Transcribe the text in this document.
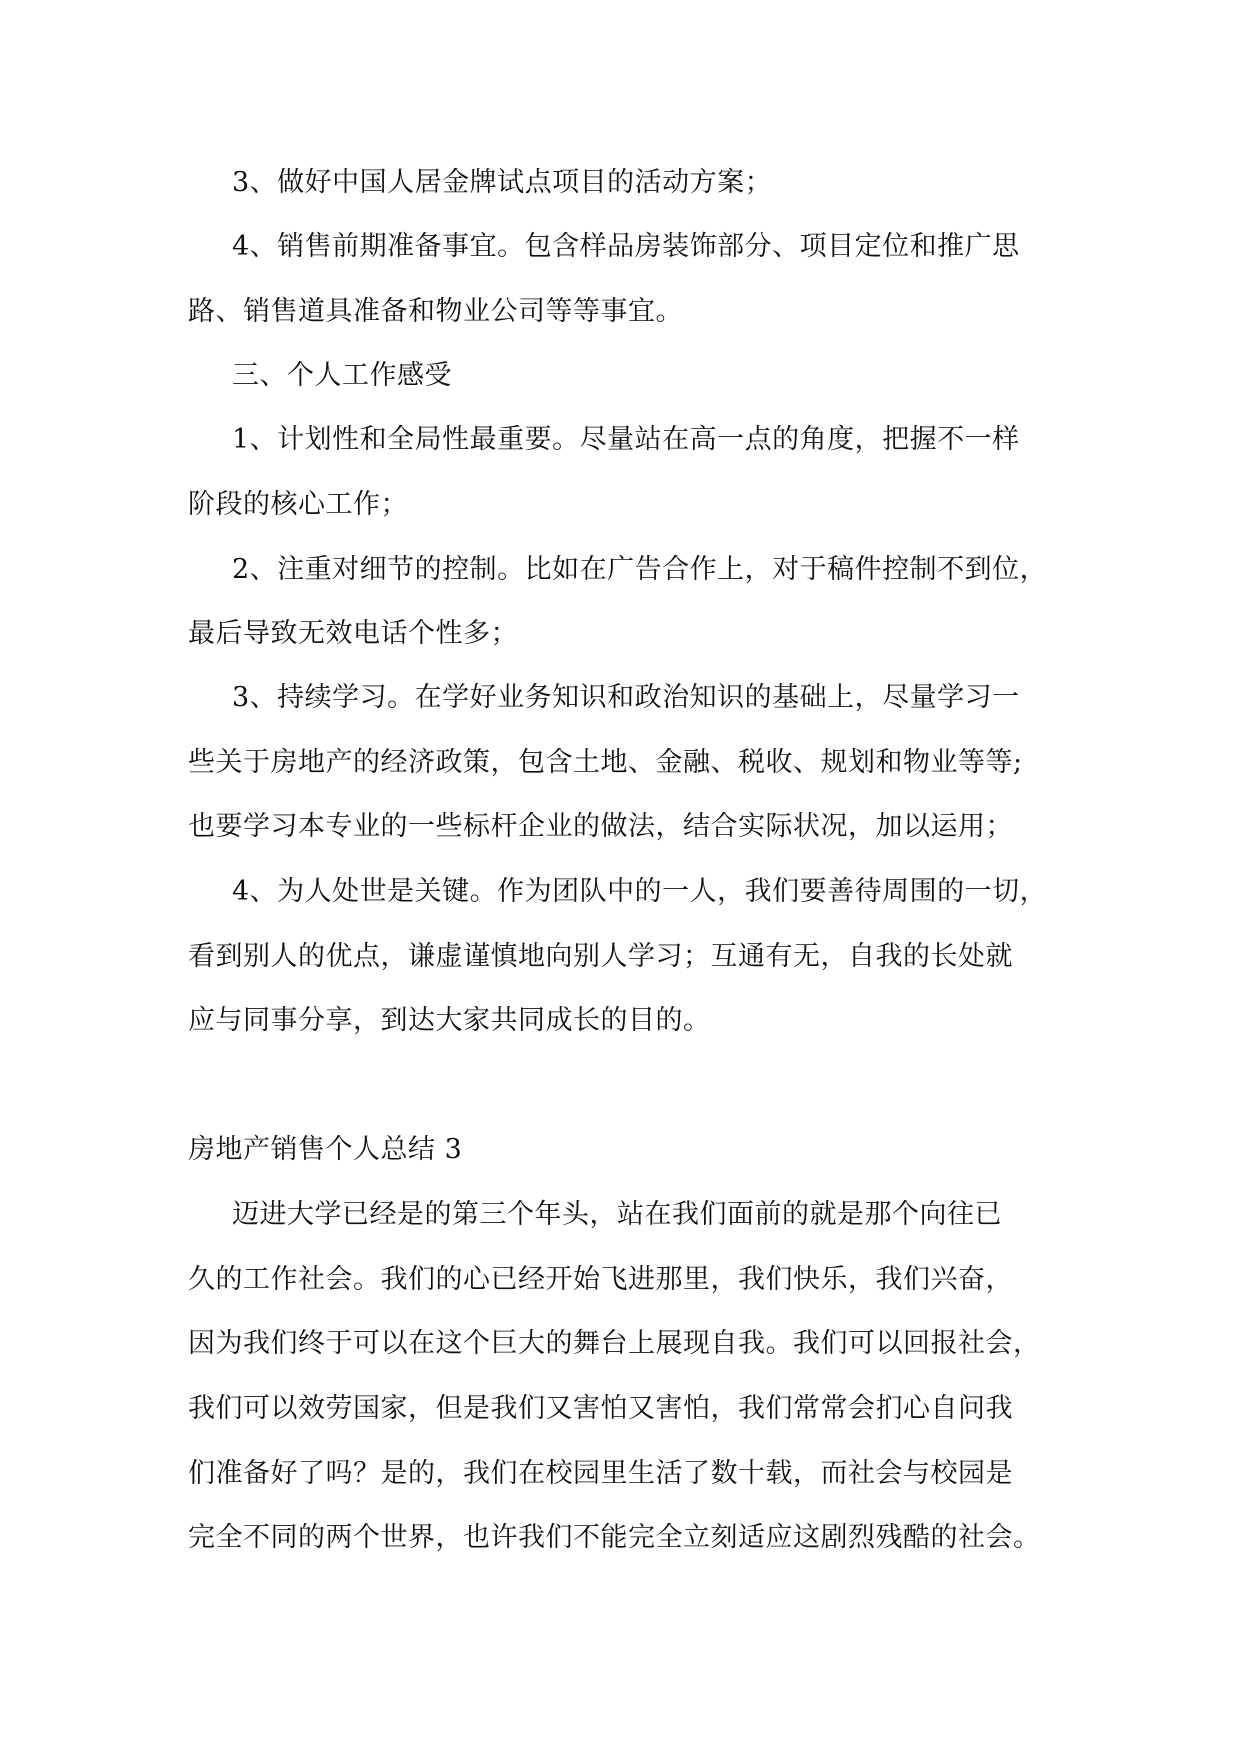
3、做好中国人居金牌试点项目的活动方案；
4、销售前期准备事宜。包含样品房装饰部分、项目定位和推广思
路、销售道具准备和物业公司等等事宜。
三、个人工作感受
1、计划性和全局性最重要。尽量站在高一点的角度，把握不一样
阶段的核心工作；
2、注重对细节的控制。比如在广告合作上，对于稿件控制不到位，
最后导致无效电话个性多；
3、持续学习。在学好业务知识和政治知识的基础上，尽量学习一
些关于房地产的经济政策，包含土地、金融、税收、规划和物业等等;
也要学习本专业的一些标杆企业的做法，结合实际状况，加以运用；
4、为人处世是关键。作为团队中的一人，我们要善待周围的一切，
看到别人的优点，谦虚谨慎地向别人学习；互通有无，自我的长处就
应与同事分享，到达大家共同成长的目的。
房地产销售个人总结 3
迈进大学已经是的第三个年头，站在我们面前的就是那个向往已
久的工作社会。我们的心已经开始飞进那里，我们快乐，我们兴奋，
因为我们终于可以在这个巨大的舞台上展现自我。我们可以回报社会，
我们可以效劳国家，但是我们又害怕又害怕，我们常常会扪心自问我
们准备好了吗？是的，我们在校园里生活了数十载，而社会与校园是
完全不同的两个世界，也许我们不能完全立刻适应这剧烈残酷的社会。
